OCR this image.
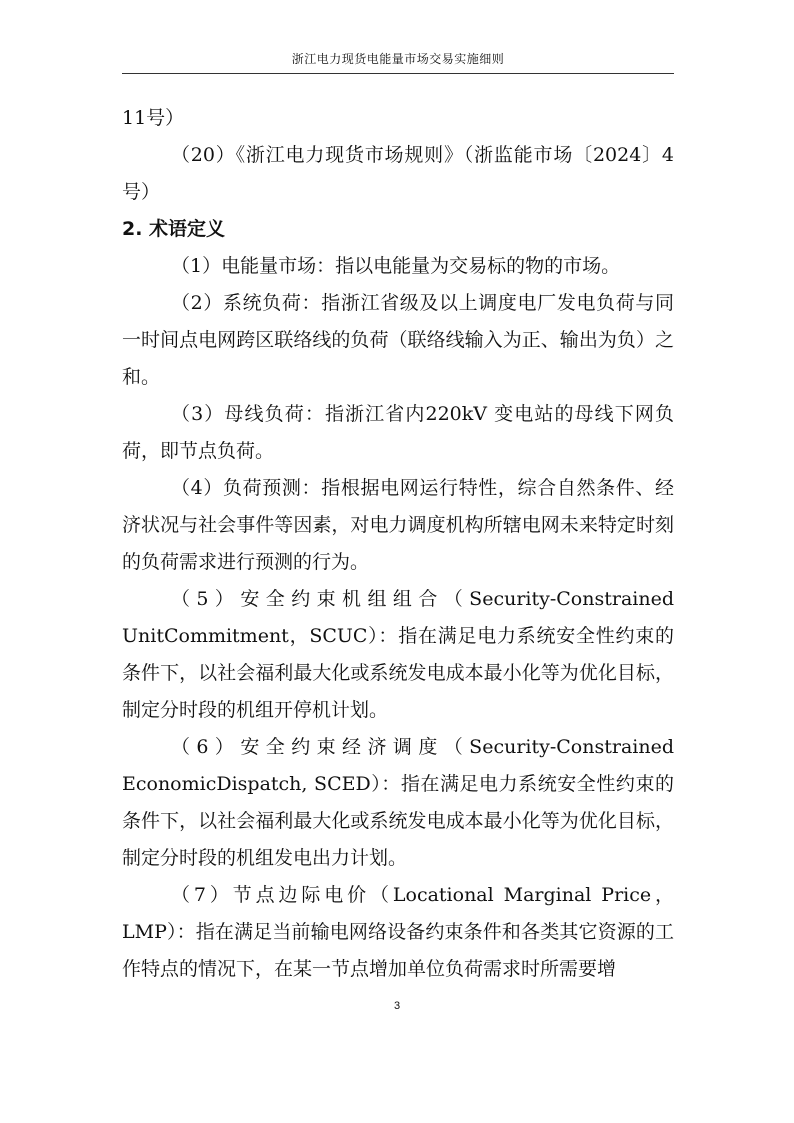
浙江电力现货电能量市场交易实施细则

11号）

（20）《浙江电力现货市场规则》（浙监能市场〔2024〕4号）

2. 术语定义

（1）电能量市场：指以电能量为交易标的物的市场。

（2）系统负荷：指浙江省级及以上调度电厂发电负荷与同一时间点电网跨区联络线的负荷（联络线输入为正、输出为负）之和。

（3）母线负荷：指浙江省内220kV 变电站的母线下网负荷，即节点负荷。

（4）负荷预测：指根据电网运行特性，综合自然条件、经济状况与社会事件等因素，对电力调度机构所辖电网未来特定时刻的负荷需求进行预测的行为。

（5）安全约束机组组合（Security-Constrained UnitCommitment，SCUC）：指在满足电力系统安全性约束的条件下，以社会福利最大化或系统发电成本最小化等为优化目标，制定分时段的机组开停机计划。

（6）安全约束经济调度（Security-Constrained EconomicDispatch, SCED）：指在满足电力系统安全性约束的条件下，以社会福利最大化或系统发电成本最小化等为优化目标，制定分时段的机组发电出力计划。

（7）节点边际电价（Locational Marginal Price，LMP）：指在满足当前输电网络设备约束条件和各类其它资源的工作特点的情况下，在某一节点增加单位负荷需求时所需要增

3
